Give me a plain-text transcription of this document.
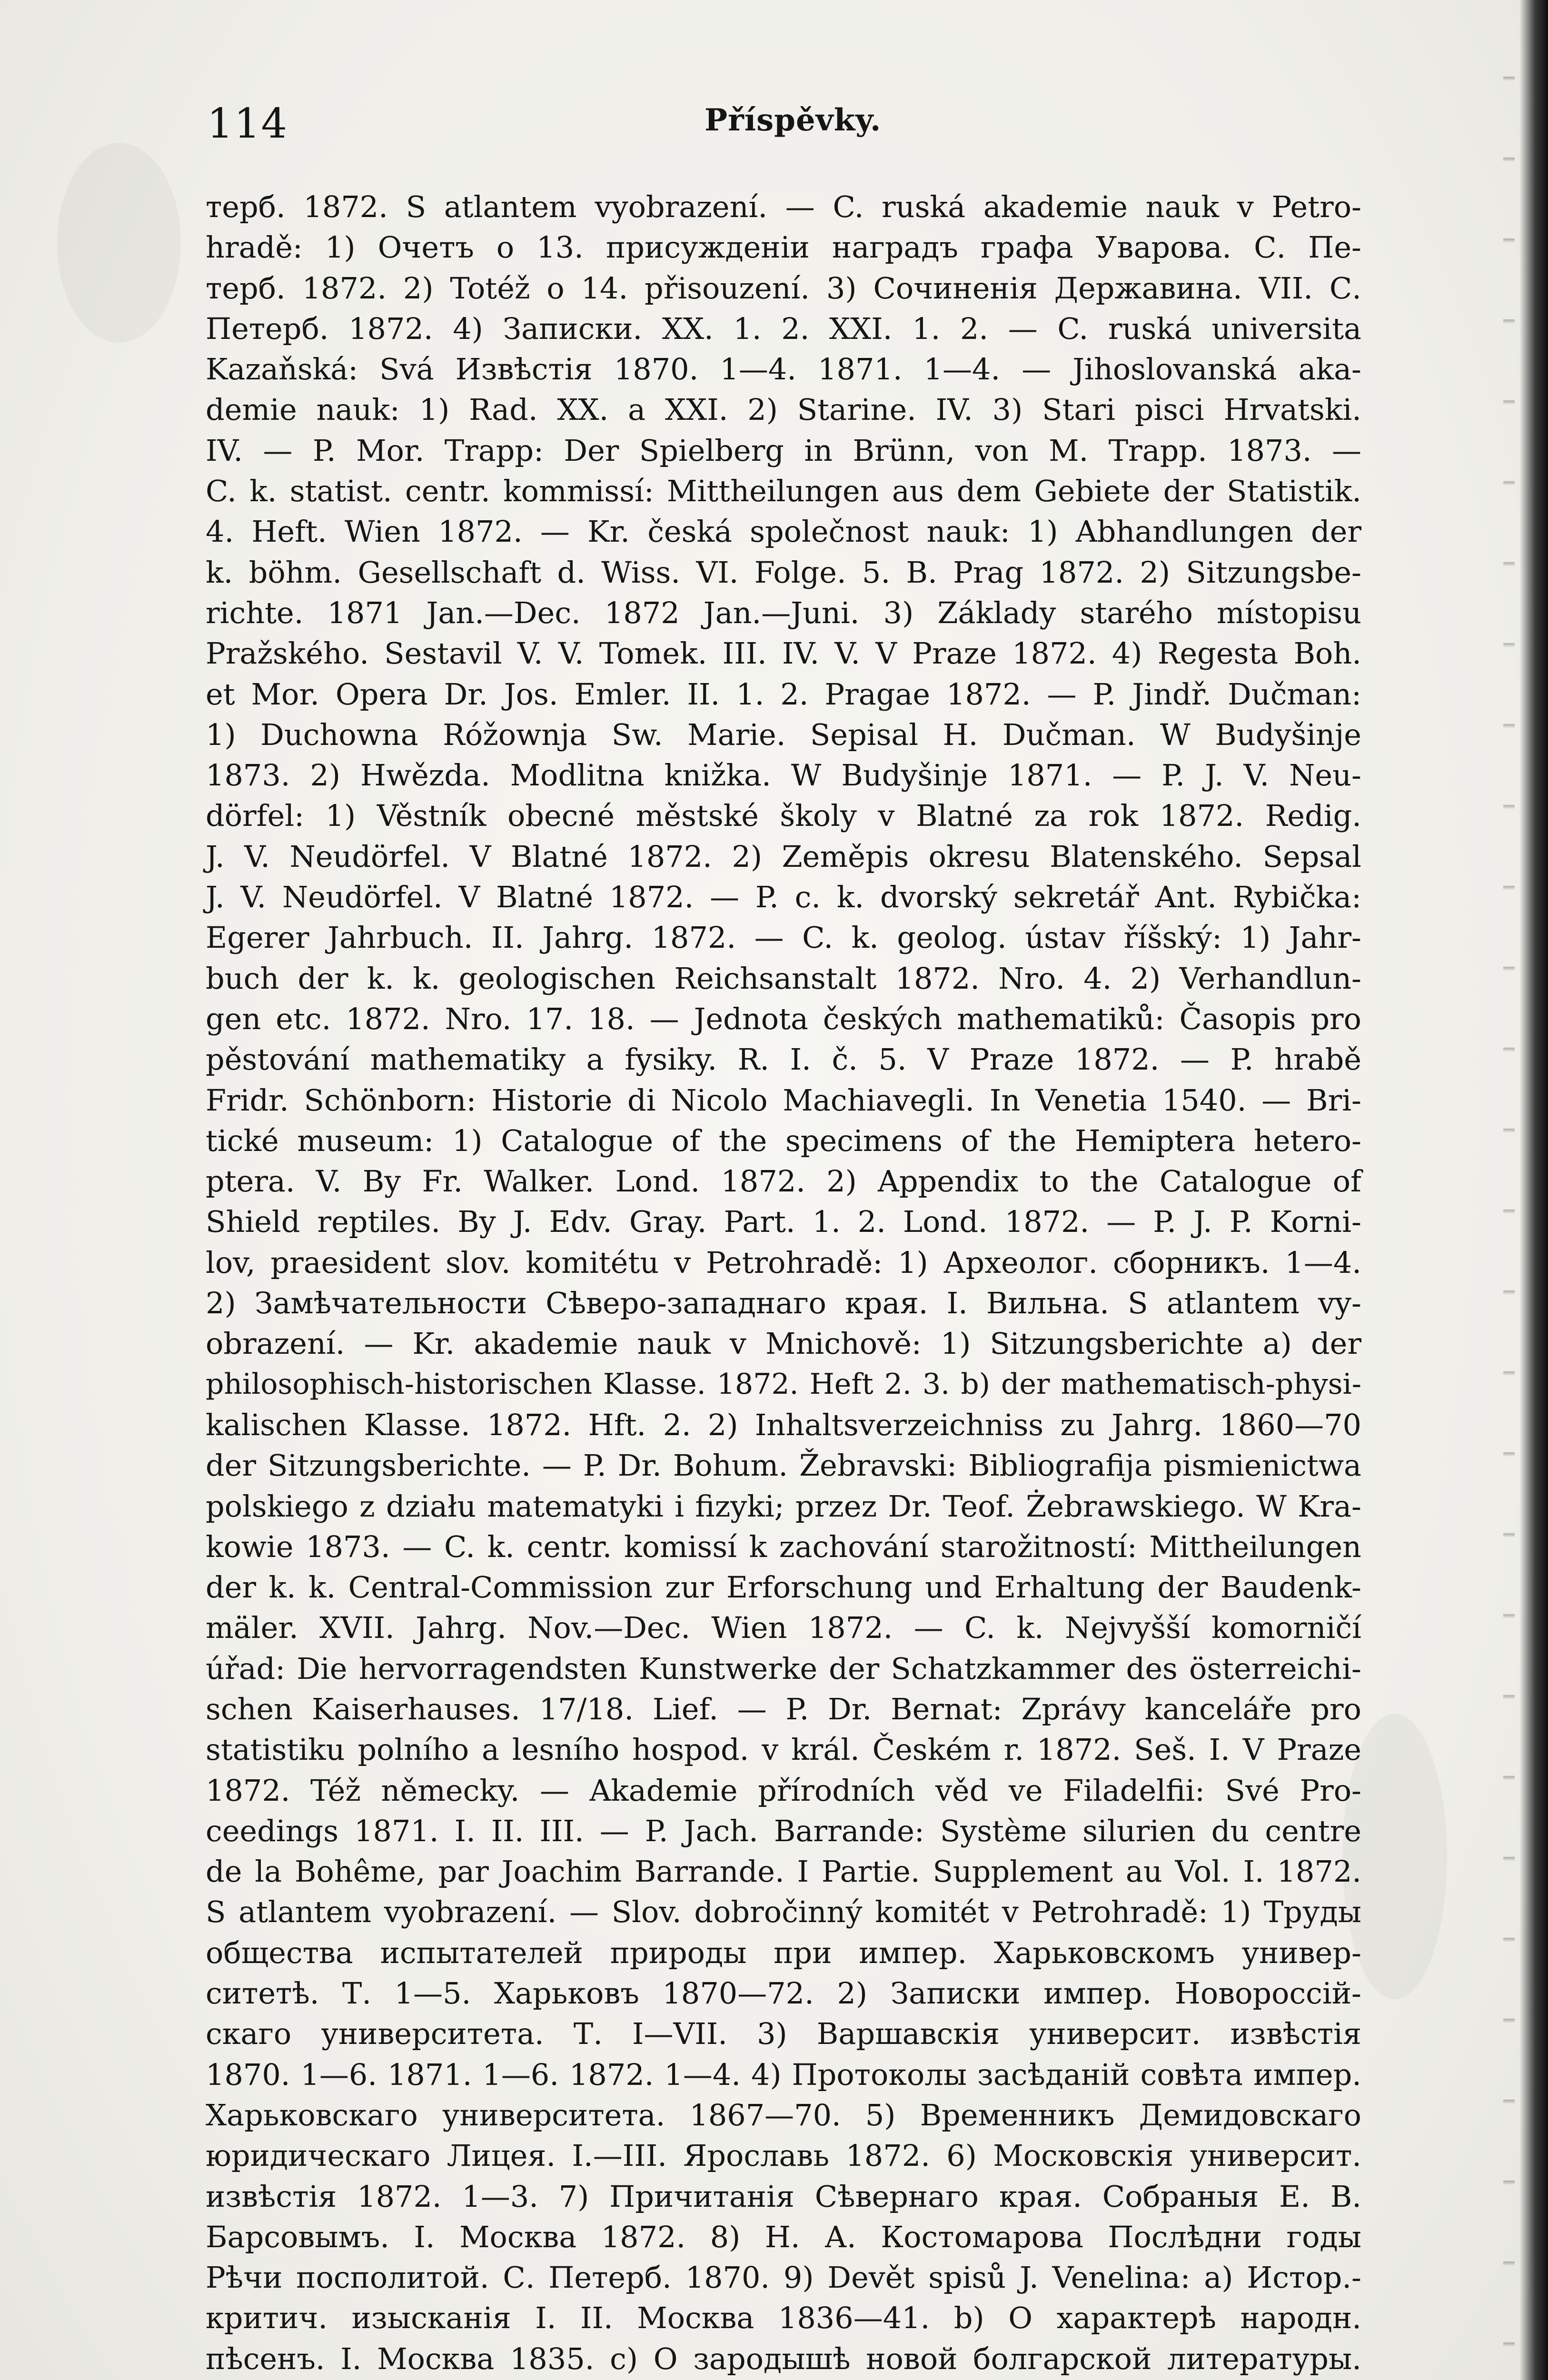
114	Příspěvky.
терб. 1872. S atlantem vyobrazení. — C. ruská akademie nauk v Petro-
hradě: 1) Очетъ о 13. присужденіи наградъ графа Уварова. С. Пе-
терб. 1872. 2) Totéž o 14. přisouzení. 3) Сочиненія Державина. VII. С.
Петерб. 1872. 4) Записки. XX. 1. 2. XXI. 1. 2. — C. ruská universita
Kazaňská: Svá Извѣстія 1870. 1—4. 1871. 1—4. — Jihoslovanská aka-
demie nauk: 1) Rad. XX. a XXI. 2) Starine. IV. 3) Stari pisci Hrvatski.
IV. — P. Mor. Trapp: Der Spielberg in Brünn, von M. Trapp. 1873. —
C. k. statist. centr. kommissí: Mittheilungen aus dem Gebiete der Statistik.
4. Heft. Wien 1872. — Kr. česká společnost nauk: 1) Abhandlungen der
k. böhm. Gesellschaft d. Wiss. VI. Folge. 5. B. Prag 1872. 2) Sitzungsbe-
richte. 1871 Jan.—Dec. 1872 Jan.—Juni. 3) Základy starého místopisu
Pražského. Sestavil V. V. Tomek. III. IV. V. V Praze 1872. 4) Regesta Boh.
et Mor. Opera Dr. Jos. Emler. II. 1. 2. Pragae 1872. — P. Jindř. Dučman:
1) Duchowna Róžownja Sw. Marie. Sepisal H. Dučman. W Budyšinje
1873. 2) Hwězda. Modlitna knižka. W Budyšinje 1871. — P. J. V. Neu-
dörfel: 1) Věstník obecné městské školy v Blatné za rok 1872. Redig.
J. V. Neudörfel. V Blatné 1872. 2) Zeměpis okresu Blatenského. Sepsal
J. V. Neudörfel. V Blatné 1872. — P. c. k. dvorský sekretář Ant. Rybička:
Egerer Jahrbuch. II. Jahrg. 1872. — C. k. geolog. ústav říšský: 1) Jahr-
buch der k. k. geologischen Reichsanstalt 1872. Nro. 4. 2) Verhandlun-
gen etc. 1872. Nro. 17. 18. — Jednota českých mathematiků: Časopis pro
pěstování mathematiky a fysiky. R. I. č. 5. V Praze 1872. — P. hrabě
Fridr. Schönborn: Historie di Nicolo Machiavegli. In Venetia 1540. — Bri-
tické museum: 1) Catalogue of the specimens of the Hemiptera hetero-
ptera. V. By Fr. Walker. Lond. 1872. 2) Appendix to the Catalogue of
Shield reptiles. By J. Edv. Gray. Part. 1. 2. Lond. 1872. — P. J. P. Korni-
lov, praesident slov. komitétu v Petrohradě: 1) Археолог. сборникъ. 1—4.
2) Замѣчательности Сѣверо-западнаго края. I. Вильна. S atlantem vy-
obrazení. — Kr. akademie nauk v Mnichově: 1) Sitzungsberichte a) der
philosophisch-historischen Klasse. 1872. Heft 2. 3. b) der mathematisch-physi-
kalischen Klasse. 1872. Hft. 2. 2) Inhaltsverzeichniss zu Jahrg. 1860—70
der Sitzungsberichte. — P. Dr. Bohum. Žebravski: Bibliografija pismienictwa
polskiego z działu matematyki i fizyki; przez Dr. Teof. Żebrawskiego. W Kra-
kowie 1873. — C. k. centr. komissí k zachování starožitností: Mittheilungen
der k. k. Central-Commission zur Erforschung und Erhaltung der Baudenk-
mäler. XVII. Jahrg. Nov.—Dec. Wien 1872. — C. k. Nejvyšší komorničí
úřad: Die hervorragendsten Kunstwerke der Schatzkammer des österreichi-
schen Kaiserhauses. 17/18. Lief. — P. Dr. Bernat: Zprávy kanceláře pro
statistiku polního a lesního hospod. v král. Českém r. 1872. Seš. I. V Praze
1872. Též německy. — Akademie přírodních věd ve Filadelfii: Své Pro-
ceedings 1871. I. II. III. — P. Jach. Barrande: Système silurien du centre
de la Bohême, par Joachim Barrande. I Partie. Supplement au Vol. I. 1872.
S atlantem vyobrazení. — Slov. dobročinný komitét v Petrohradě: 1) Труды
общества испытателей природы при импер. Харьковскомъ универ-
ситетѣ. Т. 1—5. Харьковъ 1870—72. 2) Записки импер. Новороссій-
скаго университета. Т. I—VII. 3) Варшавскія университ. извѣстія
1870. 1—6. 1871. 1—6. 1872. 1—4. 4) Протоколы засѣданій совѣта импер.
Харьковскаго университета. 1867—70. 5) Временникъ Демидовскаго
юридическаго Лицея. I.—III. Ярославь 1872. 6) Московскія университ.
извѣстія 1872. 1—3. 7) Причитанія Сѣвернаго края. Собраныя Е. В.
Барсовымъ. I. Москва 1872. 8) Н. А. Костомарова Послѣдни годы
Рѣчи посполитой. С. Петерб. 1870. 9) Devět spisů J. Venelina: a) Истор.-
критич. изысканія I. II. Москва 1836—41. b) О характерѣ народн.
пѣсенъ. I. Москва 1835. c) О зародышѣ новой болгарской литературы.
